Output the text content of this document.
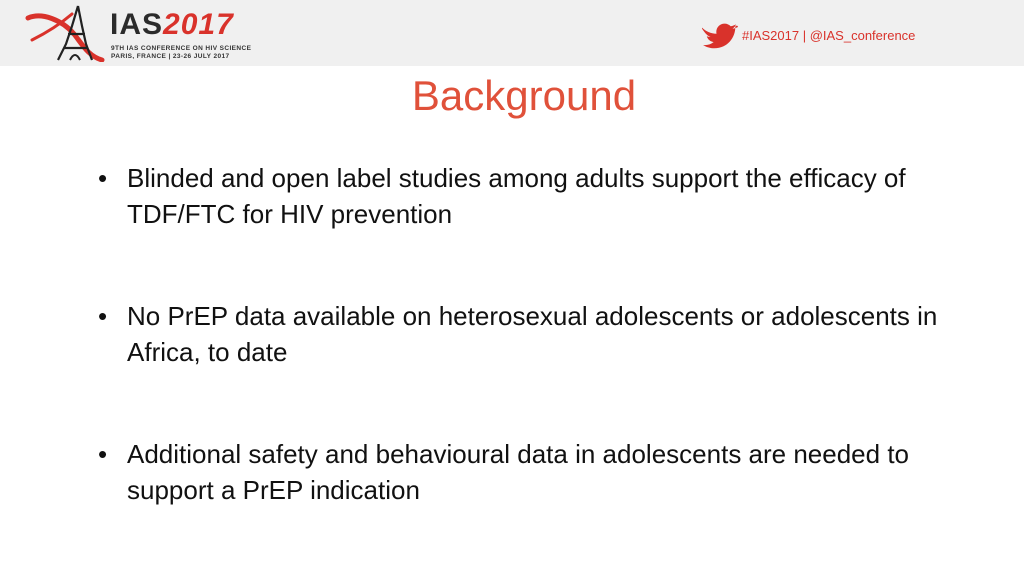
IAS2017
9TH IAS CONFERENCE ON HIV SCIENCE
PARIS, FRANCE | 23-26 JULY 2017
#IAS2017 | @IAS_conference
Background
• Blinded and open label studies among adults support the efficacy of TDF/FTC for HIV prevention
• No PrEP data available on heterosexual adolescents or adolescents in Africa, to date
• Additional safety and behavioural data in adolescents are needed to support a PrEP indication
